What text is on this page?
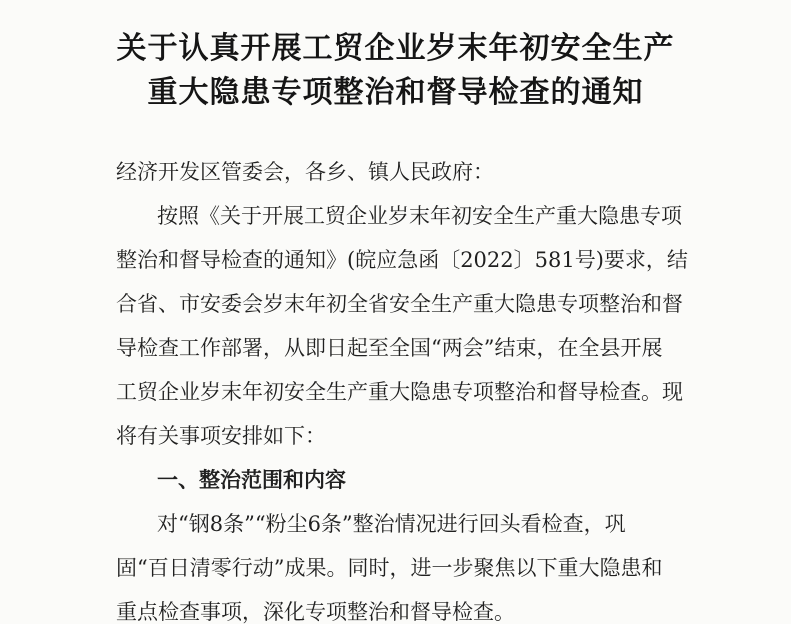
关于认真开展工贸企业岁末年初安全生产
重大隐患专项整治和督导检查的通知
经济开发区管委会，各乡、镇人民政府：
按照《关于开展工贸企业岁末年初安全生产重大隐患专项
整治和督导检查的通知》(皖应急函〔2022〕581号)要求，结
合省、市安委会岁末年初全省安全生产重大隐患专项整治和督
导检查工作部署，从即日起至全国“两会”结束，在全县开展
工贸企业岁末年初安全生产重大隐患专项整治和督导检查。现
将有关事项安排如下：
一、整治范围和内容
对“钢8条”“粉尘6条”整治情况进行回头看检查，巩
固“百日清零行动”成果。同时，进一步聚焦以下重大隐患和
重点检查事项，深化专项整治和督导检查。
